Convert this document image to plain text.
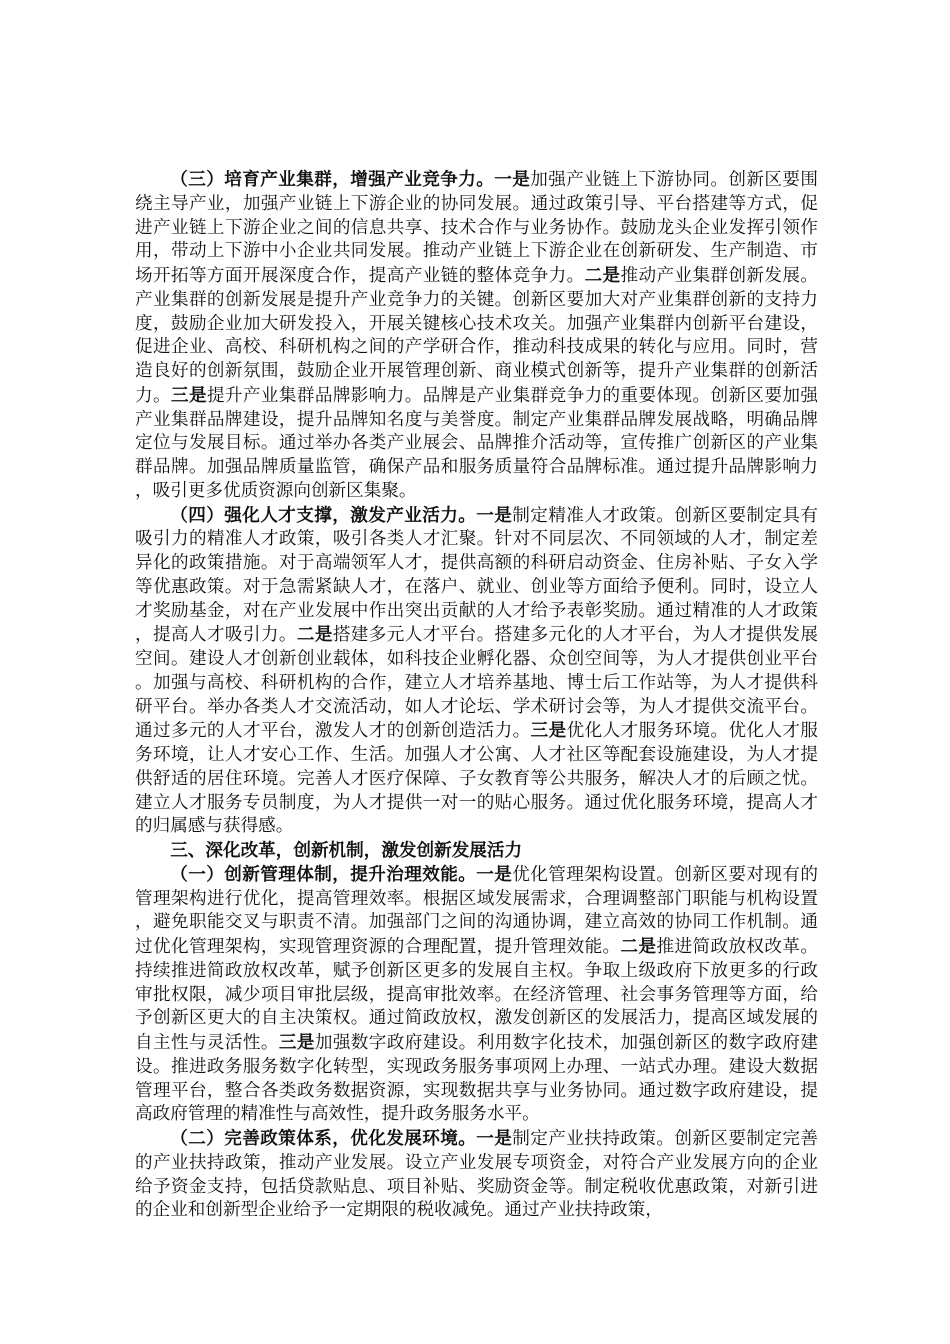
（三）培育产业集群，增强产业竞争力。一是加强产业链上下游协同。创新区要围绕主导产业，加强产业链上下游企业的协同发展。通过政策引导、平台搭建等方式，促进产业链上下游企业之间的信息共享、技术合作与业务协作。鼓励龙头企业发挥引领作用，带动上下游中小企业共同发展。推动产业链上下游企业在创新研发、生产制造、市场开拓等方面开展深度合作，提高产业链的整体竞争力。二是推动产业集群创新发展。产业集群的创新发展是提升产业竞争力的关键。创新区要加大对产业集群创新的支持力度，鼓励企业加大研发投入，开展关键核心技术攻关。加强产业集群内创新平台建设，促进企业、高校、科研机构之间的产学研合作，推动科技成果的转化与应用。同时，营造良好的创新氛围，鼓励企业开展管理创新、商业模式创新等，提升产业集群的创新活力。三是提升产业集群品牌影响力。品牌是产业集群竞争力的重要体现。创新区要加强产业集群品牌建设，提升品牌知名度与美誉度。制定产业集群品牌发展战略，明确品牌定位与发展目标。通过举办各类产业展会、品牌推介活动等，宣传推广创新区的产业集群品牌。加强品牌质量监管，确保产品和服务质量符合品牌标准。通过提升品牌影响力，吸引更多优质资源向创新区集聚。

（四）强化人才支撑，激发产业活力。一是制定精准人才政策。创新区要制定具有吸引力的精准人才政策，吸引各类人才汇聚。针对不同层次、不同领域的人才，制定差异化的政策措施。对于高端领军人才，提供高额的科研启动资金、住房补贴、子女入学等优惠政策。对于急需紧缺人才，在落户、就业、创业等方面给予便利。同时，设立人才奖励基金，对在产业发展中作出突出贡献的人才给予表彰奖励。通过精准的人才政策，提高人才吸引力。二是搭建多元人才平台。搭建多元化的人才平台，为人才提供发展空间。建设人才创新创业载体，如科技企业孵化器、众创空间等，为人才提供创业平台。加强与高校、科研机构的合作，建立人才培养基地、博士后工作站等，为人才提供科研平台。举办各类人才交流活动，如人才论坛、学术研讨会等，为人才提供交流平台。通过多元的人才平台，激发人才的创新创造活力。三是优化人才服务环境。优化人才服务环境，让人才安心工作、生活。加强人才公寓、人才社区等配套设施建设，为人才提供舒适的居住环境。完善人才医疗保障、子女教育等公共服务，解决人才的后顾之忧。建立人才服务专员制度，为人才提供一对一的贴心服务。通过优化服务环境，提高人才的归属感与获得感。

三、深化改革，创新机制，激发创新发展活力

（一）创新管理体制，提升治理效能。一是优化管理架构设置。创新区要对现有的管理架构进行优化，提高管理效率。根据区域发展需求，合理调整部门职能与机构设置，避免职能交叉与职责不清。加强部门之间的沟通协调，建立高效的协同工作机制。通过优化管理架构，实现管理资源的合理配置，提升管理效能。二是推进简政放权改革。持续推进简政放权改革，赋予创新区更多的发展自主权。争取上级政府下放更多的行政审批权限，减少项目审批层级，提高审批效率。在经济管理、社会事务管理等方面，给予创新区更大的自主决策权。通过简政放权，激发创新区的发展活力，提高区域发展的自主性与灵活性。三是加强数字政府建设。利用数字化技术，加强创新区的数字政府建设。推进政务服务数字化转型，实现政务服务事项网上办理、一站式办理。建设大数据管理平台，整合各类政务数据资源，实现数据共享与业务协同。通过数字政府建设，提高政府管理的精准性与高效性，提升政务服务水平。

（二）完善政策体系，优化发展环境。一是制定产业扶持政策。创新区要制定完善的产业扶持政策，推动产业发展。设立产业发展专项资金，对符合产业发展方向的企业给予资金支持，包括贷款贴息、项目补贴、奖励资金等。制定税收优惠政策，对新引进的企业和创新型企业给予一定期限的税收减免。通过产业扶持政策，
